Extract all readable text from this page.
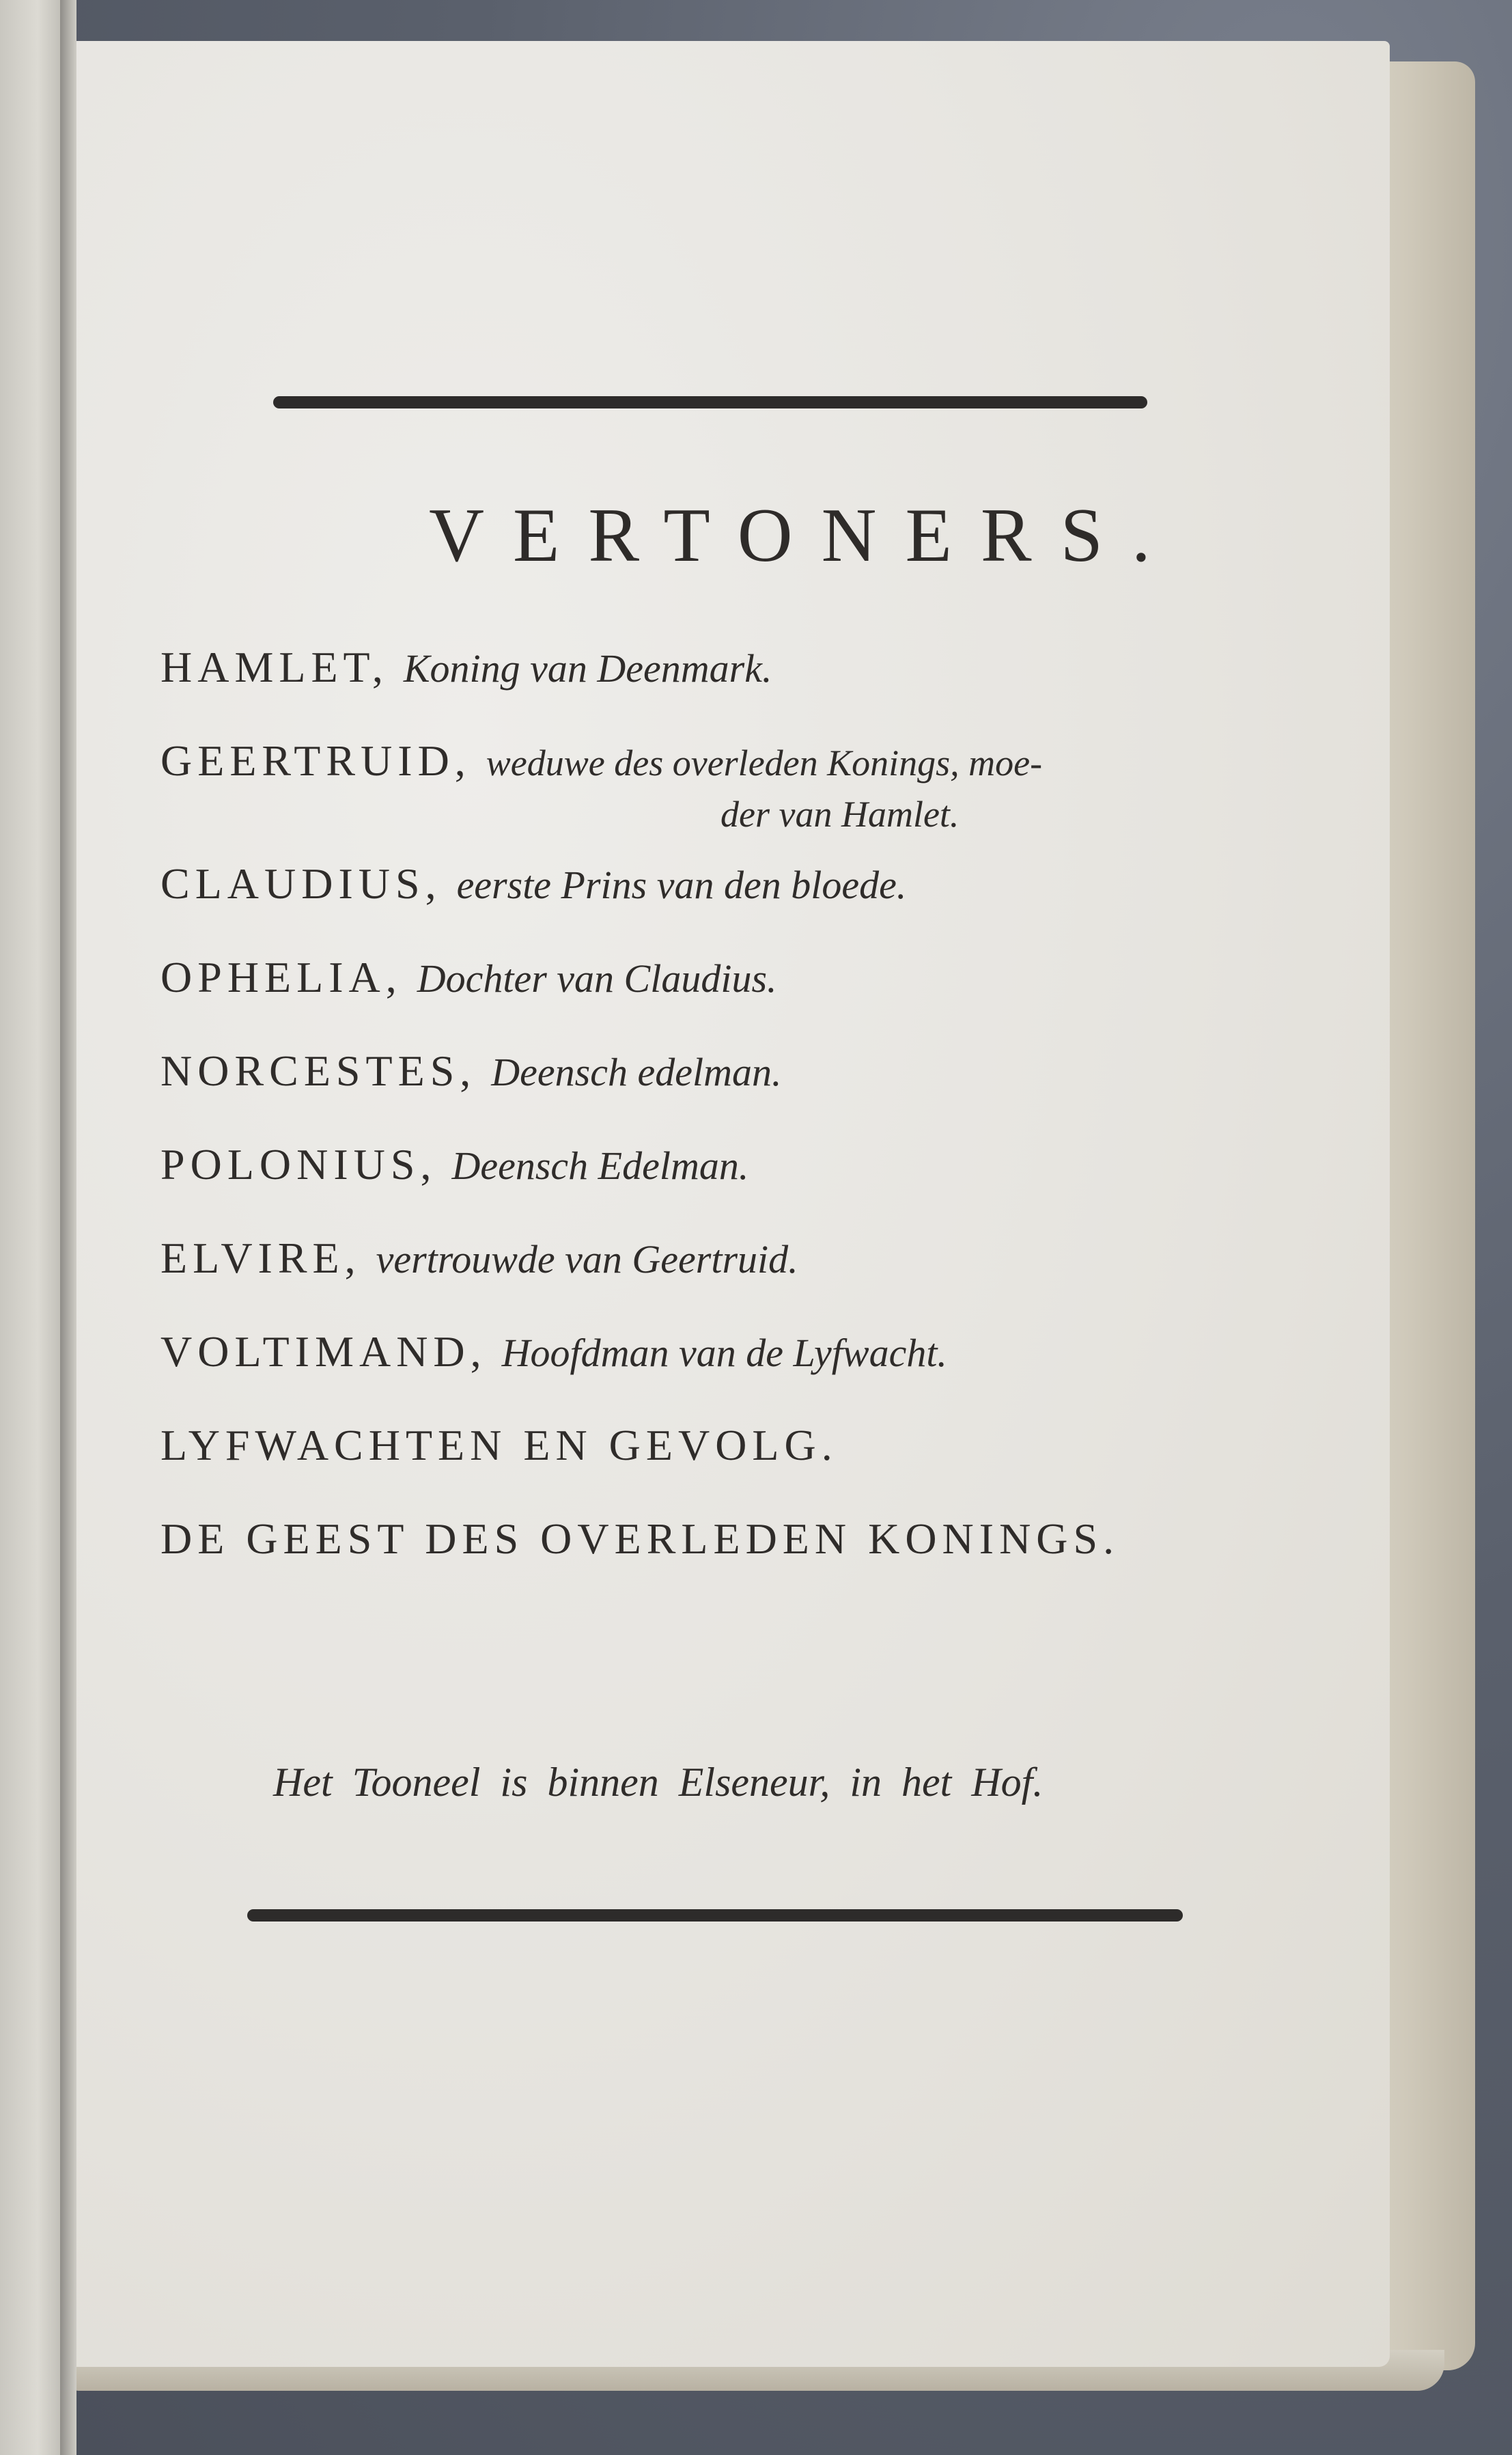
VERTONERS.
HAMLET, Koning van Deenmark.
GEERTRUID, weduwe des overleden Konings, moe-
der van Hamlet.
CLAUDIUS, eerste Prins van den bloede.
OPHELIA, Dochter van Claudius.
NORCESTES, Deensch edelman.
POLONIUS, Deensch Edelman.
ELVIRE, vertrouwde van Geertruid.
VOLTIMAND, Hoofdman van de Lyfwacht.
LYFWACHTEN EN GEVOLG.
DE GEEST DES OVERLEDEN KONINGS.
Het Tooneel is binnen Elseneur, in het Hof.
